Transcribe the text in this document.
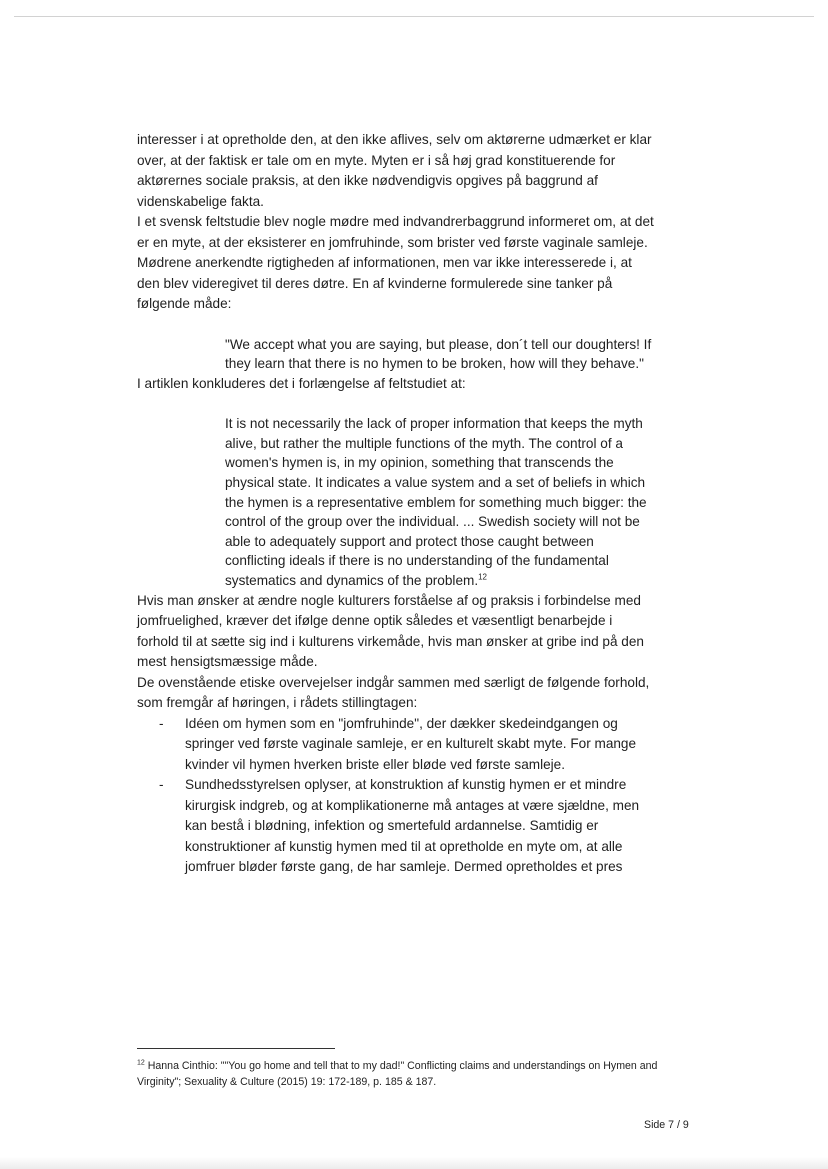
interesser i at opretholde den, at den ikke aflives, selv om aktørerne udmærket er klar over, at der faktisk er tale om en myte. Myten er i så høj grad konstituerende for aktørernes sociale praksis, at den ikke nødvendigvis opgives på baggrund af videnskabelige fakta.

I et svensk feltstudie blev nogle mødre med indvandrerbaggrund informeret om, at det er en myte, at der eksisterer en jomfruhinde, som brister ved første vaginale samleje. Mødrene anerkendte rigtigheden af informationen, men var ikke interesserede i, at den blev videregivet til deres døtre. En af kvinderne formulerede sine tanker på følgende måde:

"We accept what you are saying, but please, don´t tell our doughters! If they learn that there is no hymen to be broken, how will they behave."

I artiklen konkluderes det i forlængelse af feltstudiet at:

It is not necessarily the lack of proper information that keeps the myth alive, but rather the multiple functions of the myth. The control of a women's hymen is, in my opinion, something that transcends the physical state. It indicates a value system and a set of beliefs in which the hymen is a representative emblem for something much bigger: the control of the group over the individual. ... Swedish society will not be able to adequately support and protect those caught between conflicting ideals if there is no understanding of the fundamental systematics and dynamics of the problem.$^{12}$

Hvis man ønsker at ændre nogle kulturers forståelse af og praksis i forbindelse med jomfruelighed, kræver det ifølge denne optik således et væsentligt benarbejde i forhold til at sætte sig ind i kulturens virkemåde, hvis man ønsker at gribe ind på den mest hensigtsmæssige måde.

De ovenstående etiske overvejelser indgår sammen med særligt de følgende forhold, som fremgår af høringen, i rådets stillingtagen:

- Idéen om hymen som en "jomfruhinde", der dækker skedeindgangen og springer ved første vaginale samleje, er en kulturelt skabt myte. For mange kvinder vil hymen hverken briste eller bløde ved første samleje.
- Sundhedsstyrelsen oplyser, at konstruktion af kunstig hymen er et mindre kirurgisk indgreb, og at komplikationerne må antages at være sjældne, men kan bestå i blødning, infektion og smertefuld ardannelse. Samtidig er konstruktioner af kunstig hymen med til at opretholde en myte om, at alle jomfruer bløder første gang, de har samleje. Dermed opretholdes et pres
$^{12}$ Hanna Cinthio: ""You go home and tell that to my dad!" Conflicting claims and understandings on Hymen and Virginity"; Sexuality & Culture (2015) 19: 172-189, p. 185 & 187.
Side 7 / 9
